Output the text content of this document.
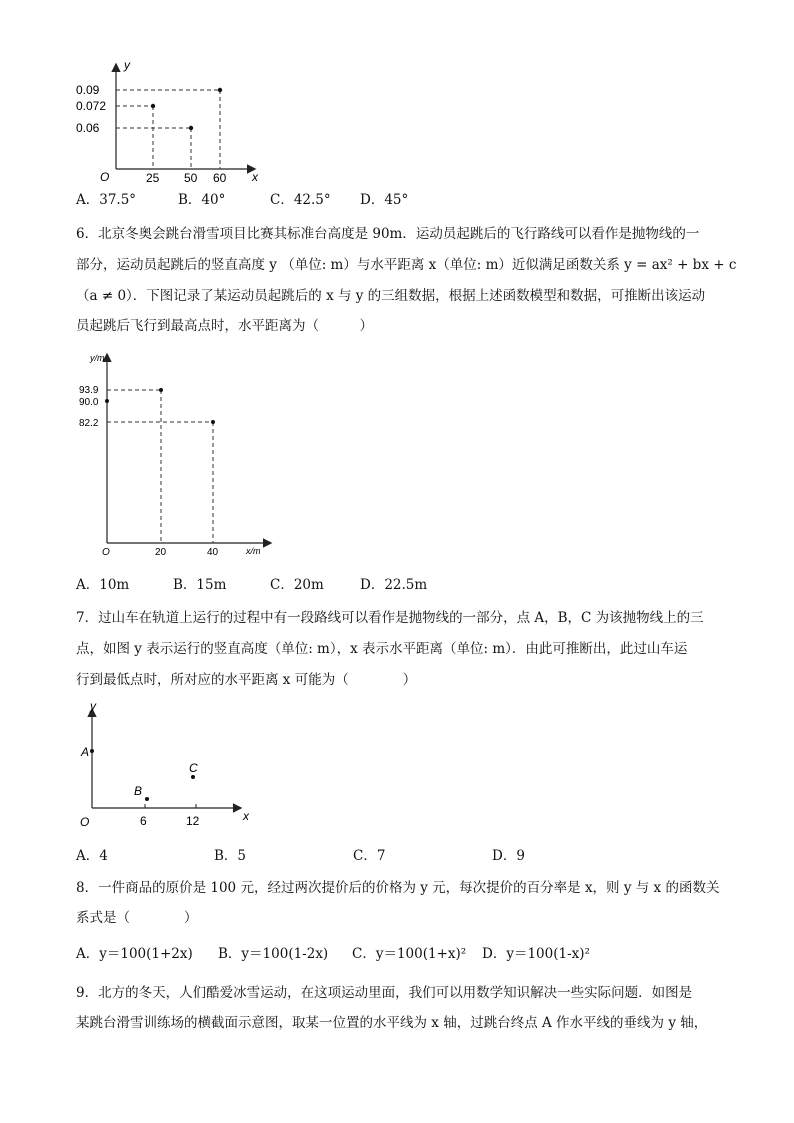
y
x
O
0.09
0.072
0.06
25 50 60
A．37.5°	B．40°	C．42.5° D．45°
6．北京冬奥会跳台滑雪项目比赛其标准台高度是 90m．运动员起跳后的飞行路线可以看作是抛物线的一
部分，运动员起跳后的竖直高度 y （单位: m）与水平距离 x（单位: m）近似满足函数关系 y = ax² + bx + c
（a ≠ 0）．下图记录了某运动员起跳后的 x 与 y 的三组数据，根据上述函数模型和数据，可推断出该运动
员起跳后飞行到最高点时，水平距离为（　　　）
y/m
x/m
O
93.9
90.0
82.2
20	40
A．10m	B．15m	C．20m	D．22.5m
7．过山车在轨道上运行的过程中有一段路线可以看作是抛物线的一部分，点 A，B，C 为该抛物线上的三
点，如图 y 表示运行的竖直高度（单位: m），x 表示水平距离（单位: m）．由此可推断出，此过山车运
行到最低点时，所对应的水平距离 x 可能为（　　　　）
y
x
O
A
B
C
6	12
A．4	B．5	C．7	D．9
8．一件商品的原价是 100 元，经过两次提价后的价格为 y 元，每次提价的百分率是 x，则 y 与 x 的函数关
系式是（　　　　）
A．y＝100(1+2x) B．y＝100(1-2x) C．y＝100(1+x)² D．y＝100(1-x)²
9．北方的冬天，人们酷爱冰雪运动，在这项运动里面，我们可以用数学知识解决一些实际问题．如图是
某跳台滑雪训练场的横截面示意图，取某一位置的水平线为 x 轴，过跳台终点 A 作水平线的垂线为 y 轴，
